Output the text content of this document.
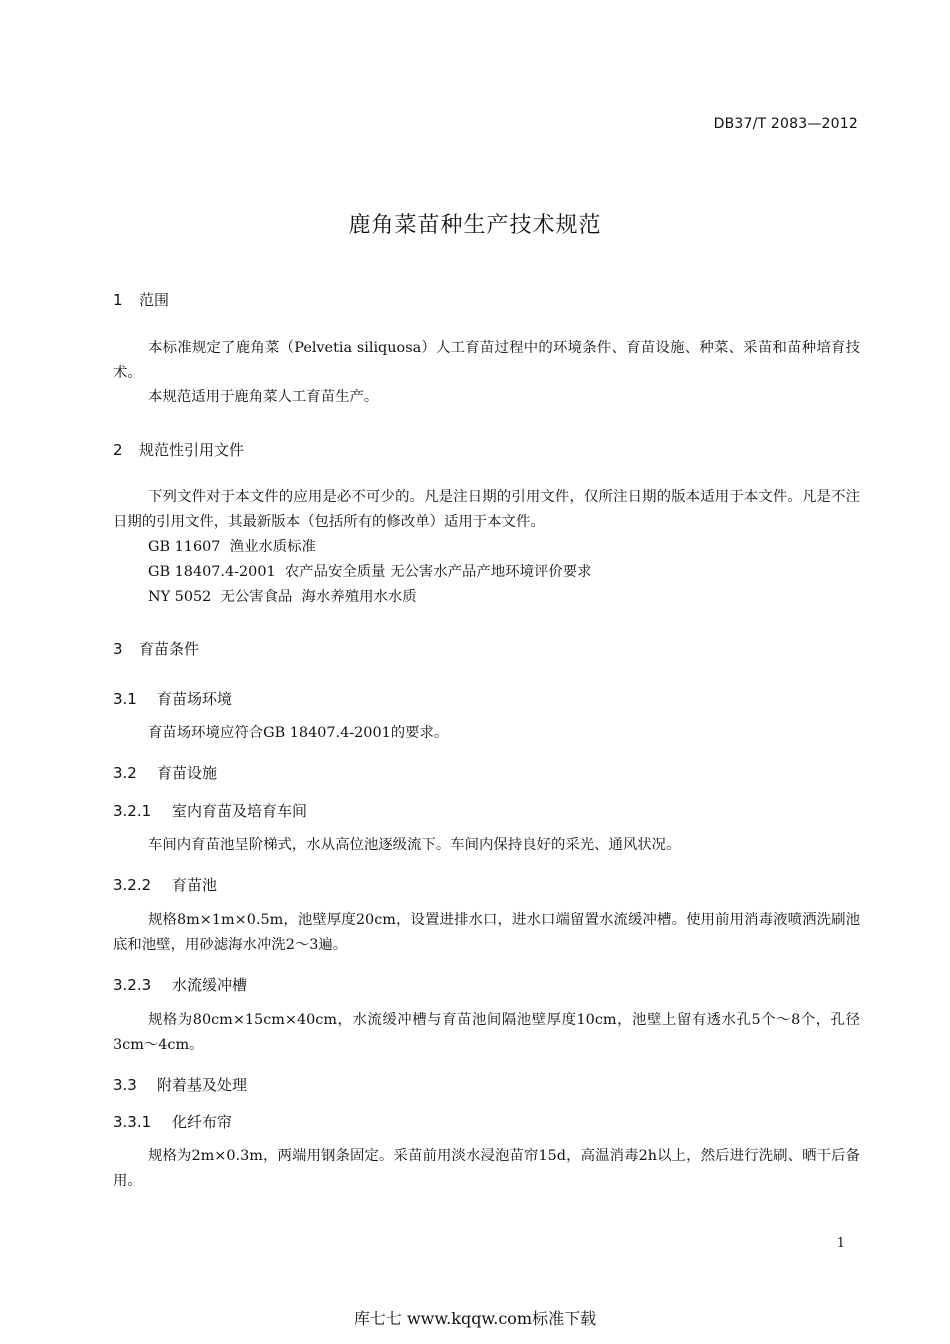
DB37/T 2083—2012
鹿角菜苗种生产技术规范
1 范围
本标准规定了鹿角菜（Pelvetia siliquosa）人工育苗过程中的环境条件、育苗设施、种菜、采苗和苗种培育技术。
本规范适用于鹿角菜人工育苗生产。
2 规范性引用文件
下列文件对于本文件的应用是必不可少的。凡是注日期的引用文件，仅所注日期的版本适用于本文件。凡是不注日期的引用文件，其最新版本（包括所有的修改单）适用于本文件。
GB 11607  渔业水质标准
GB 18407.4-2001  农产品安全质量 无公害水产品产地环境评价要求
NY 5052  无公害食品  海水养殖用水水质
3 育苗条件
3.1 育苗场环境
育苗场环境应符合GB 18407.4-2001的要求。
3.2 育苗设施
3.2.1 室内育苗及培育车间
车间内育苗池呈阶梯式，水从高位池逐级流下。车间内保持良好的采光、通风状况。
3.2.2 育苗池
规格8m×1m×0.5m，池壁厚度20cm，设置进排水口，进水口端留置水流缓冲槽。使用前用消毒液喷洒洗刷池底和池壁，用砂滤海水冲洗2～3遍。
3.2.3 水流缓冲槽
规格为80cm×15cm×40cm，水流缓冲槽与育苗池间隔池壁厚度10cm，池壁上留有透水孔5个～8个，孔径3cm～4cm。
3.3 附着基及处理
3.3.1 化纤布帘
规格为2m×0.3m，两端用钢条固定。采苗前用淡水浸泡苗帘15d，高温消毒2h以上，然后进行洗刷、晒干后备用。
1
库七七 www.kqqw.com标准下载
